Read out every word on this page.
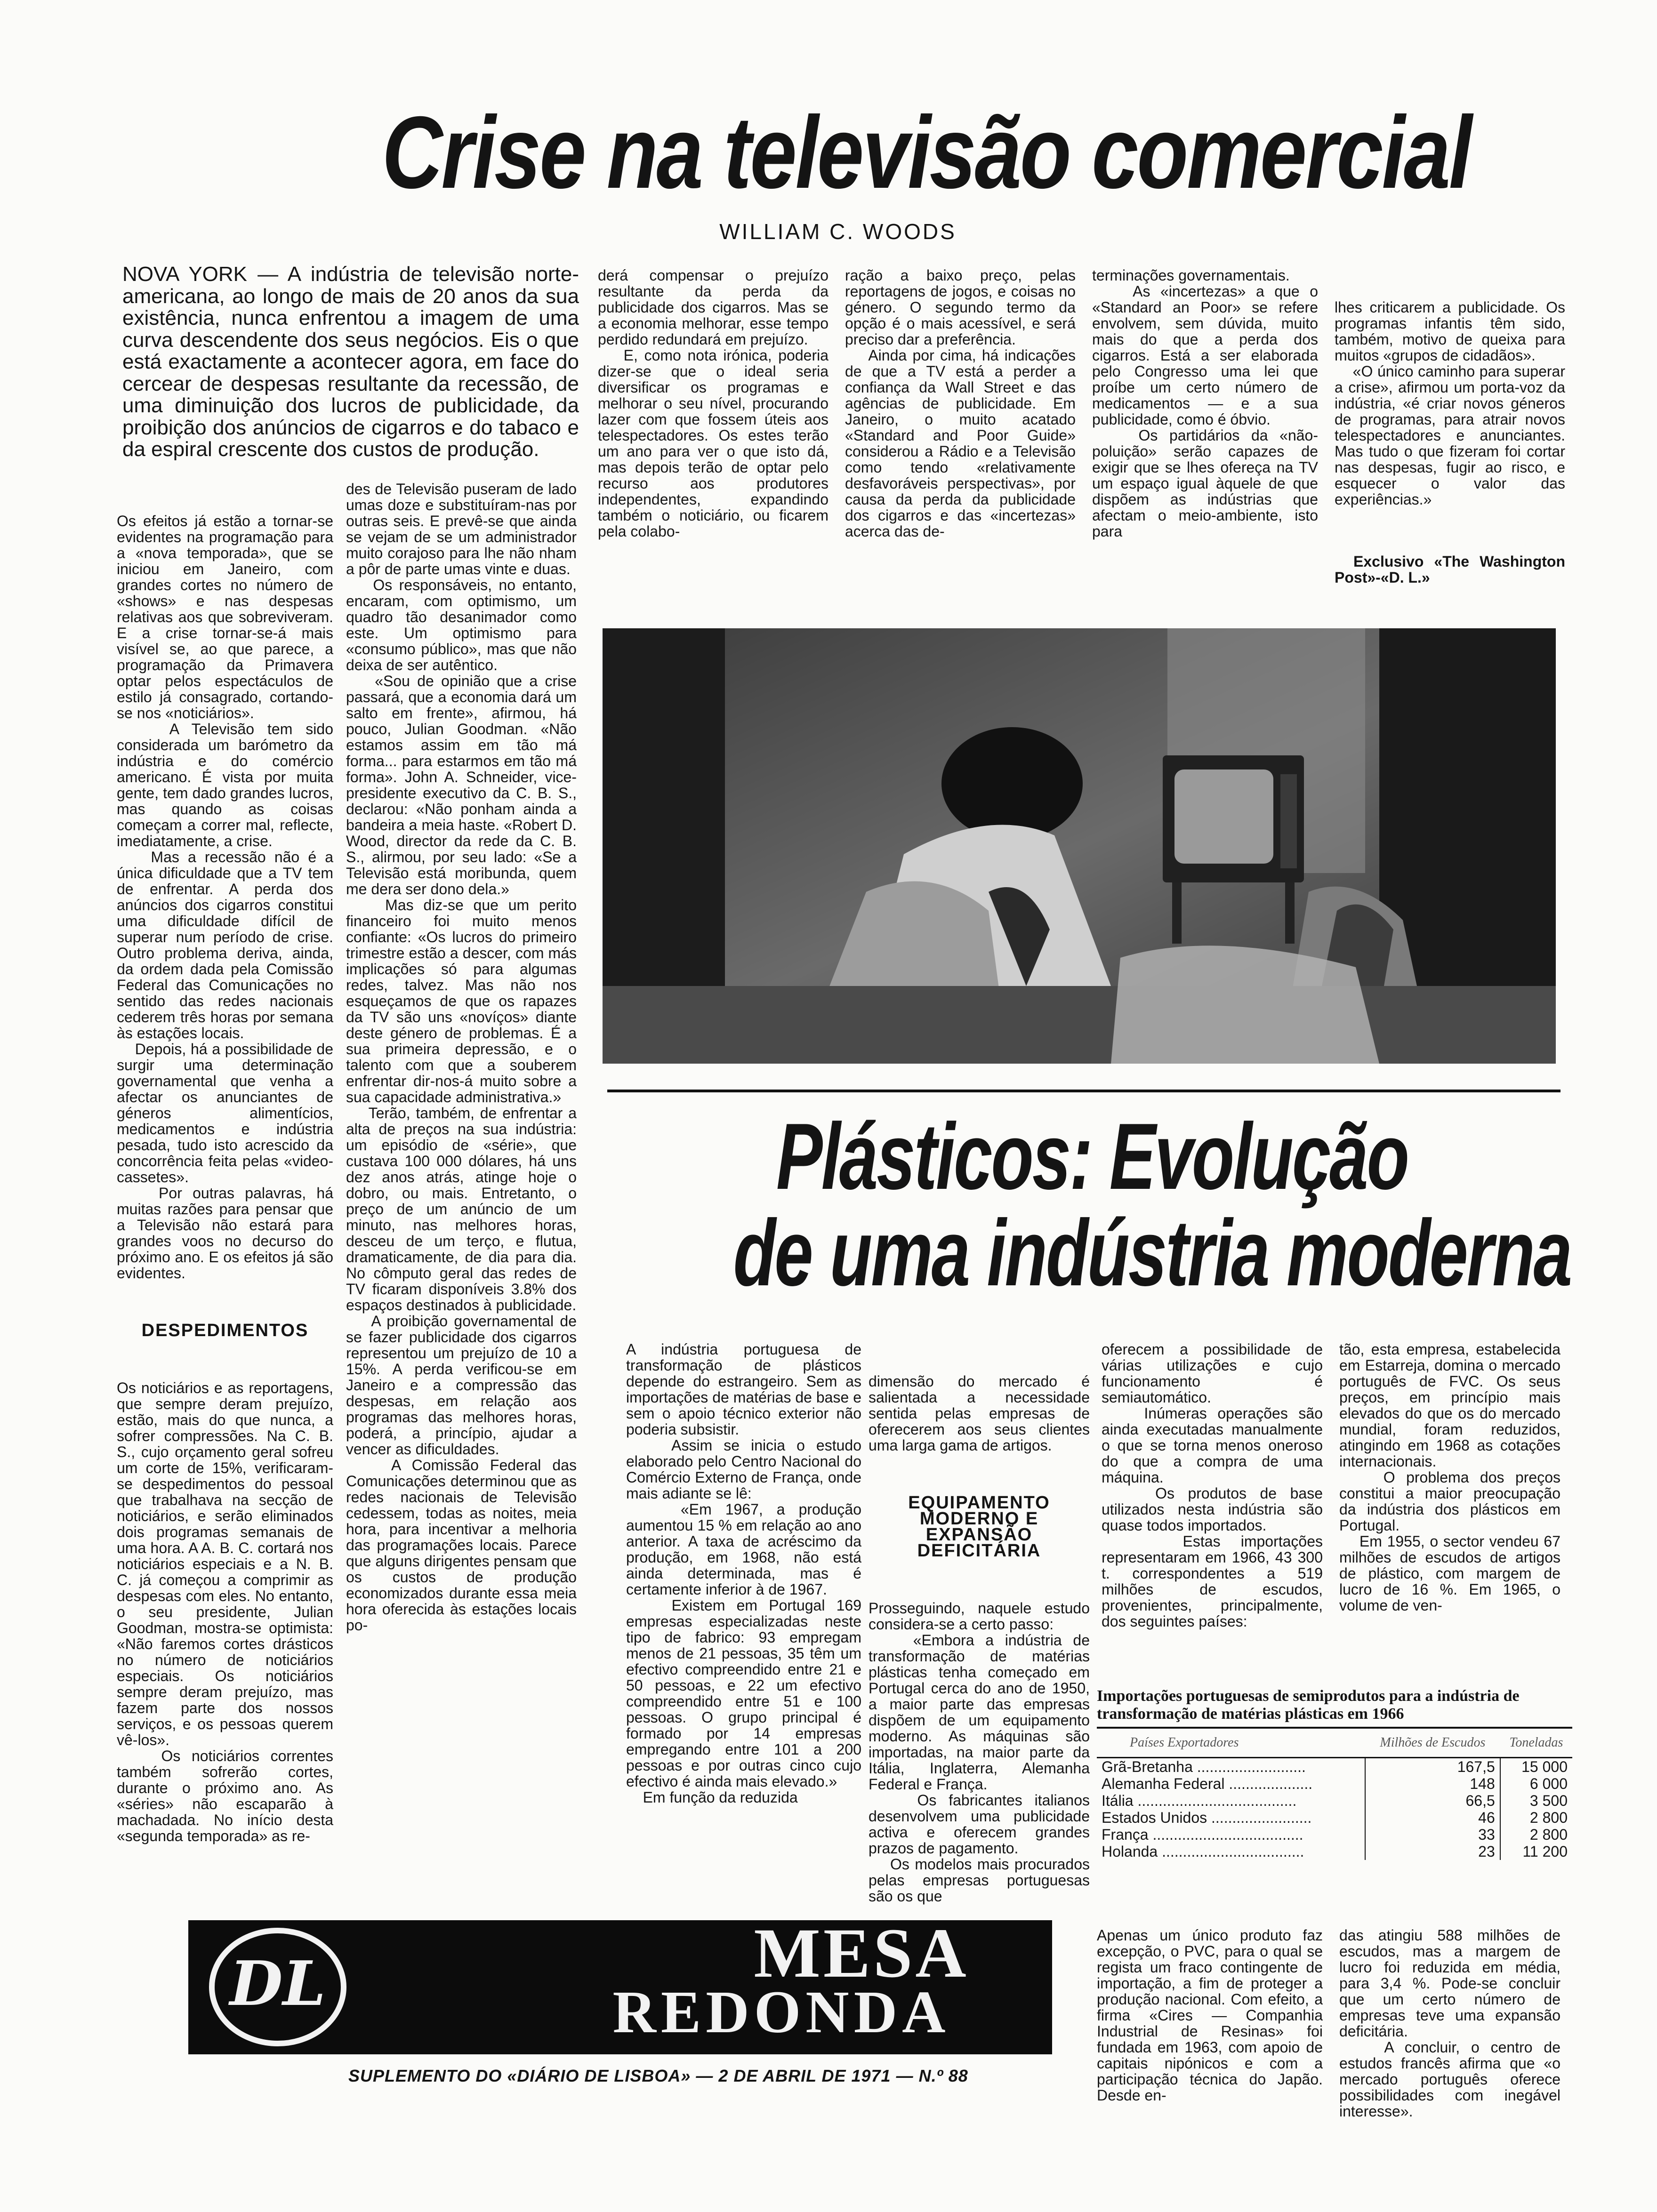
Crise na televisão comercial
WILLIAM C. WOODS
NOVA YORK — A indústria de televisão norte-americana, ao longo de mais de 20 anos da sua existência, nunca enfrentou a imagem de uma curva descendente dos seus negócios. Eis o que está exactamente a acontecer agora, em face do cercear de despesas resultante da recessão, de uma diminuição dos lucros de publicidade, da proibição dos anúncios de cigarros e do tabaco e da espiral crescente dos custos de produção.

Os efeitos já estão a tornar-se evidentes na programação para a «nova temporada», que se iniciou em Janeiro, com grandes cortes no número de «shows» e nas despesas relativas aos que sobreviveram. E a crise tornar-se-á mais visível se, ao que parece, a programação da Primavera optar pelos espectáculos de estilo já consagrado, cortando-se nos «noticiários».
A Televisão tem sido considerada um barómetro da indústria e do comércio americano. É vista por muita gente, tem dado grandes lucros, mas quando as coisas começam a correr mal, reflecte, imediatamente, a crise.
Mas a recessão não é a única dificuldade que a TV tem de enfrentar. A perda dos anúncios dos cigarros constitui uma dificuldade difícil de superar num período de crise. Outro problema deriva, ainda, da ordem dada pela Comissão Federal das Comunicações no sentido das redes nacionais cederem três horas por semana às estações locais.
Depois, há a possibilidade de surgir uma determinação governamental que venha a afectar os anunciantes de géneros alimentícios, medicamentos e indústria pesada, tudo isto acrescido da concorrência feita pelas «video-cassetes».
Por outras palavras, há muitas razões para pensar que a Televisão não estará para grandes voos no decurso do próximo ano. E os efeitos já são evidentes.

DESPEDIMENTOS

Os noticiários e as reportagens, que sempre deram prejuízo, estão, mais do que nunca, a sofrer compressões. Na C. B. S., cujo orçamento geral sofreu um corte de 15%, verificaram-se despedimentos do pessoal que trabalhava na secção de noticiários, e serão eliminados dois programas semanais de uma hora. A A. B. C. cortará nos noticiários especiais e a N. B. C. já começou a comprimir as despesas com eles. No entanto, o seu presidente, Julian Goodman, mostra-se optimista: «Não faremos cortes drásticos no número de noticiários especiais. Os noticiários sempre deram prejuízo, mas fazem parte dos nossos serviços, e os pessoas querem vê-los».
Os noticiários correntes também sofrerão cortes, durante o próximo ano. As «séries» não escaparão à machadada. No início desta «segunda temporada» as re-

des de Televisão puseram de lado umas doze e substituíram-nas por outras seis. E prevê-se que ainda se vejam de se um administrador muito corajoso para lhe não nham a pôr de parte umas vinte e duas.
Os responsáveis, no entanto, encaram, com optimismo, um quadro tão desanimador como este. Um optimismo para «consumo público», mas que não deixa de ser autêntico.
«Sou de opinião que a crise passará, que a economia dará um salto em frente», afirmou, há pouco, Julian Goodman. «Não estamos assim em tão má forma... para estarmos em tão má forma». John A. Schneider, vice-presidente executivo da C. B. S., declarou: «Não ponham ainda a bandeira a meia haste. «Robert D. Wood, director da rede da C. B. S., alirmou, por seu lado: «Se a Televisão está moribunda, quem me dera ser dono dela.»
Mas diz-se que um perito financeiro foi muito menos confiante: «Os lucros do primeiro trimestre estão a descer, com más implicações só para algumas redes, talvez. Mas não nos esqueçamos de que os rapazes da TV são uns «novíços» diante deste género de problemas. É a sua primeira depressão, e o talento com que a souberem enfrentar dir-nos-á muito sobre a sua capacidade administrativa.»
Terão, também, de enfrentar a alta de preços na sua indústria: um episódio de «série», que custava 100 000 dólares, há uns dez anos atrás, atinge hoje o dobro, ou mais. Entretanto, o preço de um anúncio de um minuto, nas melhores horas, desceu de um terço, e flutua, dramaticamente, de dia para dia. No cômputo geral das redes de TV ficaram disponíveis 3.8% dos espaços destinados à publicidade.
A proibição governamental de se fazer publicidade dos cigarros representou um prejuízo de 10 a 15%. A perda verificou-se em Janeiro e a compressão das despesas, em relação aos programas das melhores horas, poderá, a princípio, ajudar a vencer as dificuldades.
A Comissão Federal das Comunicações determinou que as redes nacionais de Televisão cedessem, todas as noites, meia hora, para incentivar a melhoria das programações locais. Parece que alguns dirigentes pensam que os custos de produção economizados durante essa meia hora oferecida às estações locais po-
derá compensar o prejuízo resultante da perda da publicidade dos cigarros. Mas se a economia melhorar, esse tempo perdido redundará em prejuízo.
E, como nota irónica, poderia dizer-se que o ideal seria diversificar os programas e melhorar o seu nível, procurando lazer com que fossem úteis aos telespectadores. Os estes terão um ano para ver o que isto dá, mas depois terão de optar pelo recurso aos produtores independentes, expandindo também o noticiário, ou ficarem pela colabo-
ração a baixo preço, pelas reportagens de jogos, e coisas no género. O segundo termo da opção é o mais acessível, e será preciso dar a preferência.
Ainda por cima, há indicações de que a TV está a perder a confiança da Wall Street e das agências de publicidade. Em Janeiro, o muito acatado «Standard and Poor Guide» considerou a Rádio e a Televisão como tendo «relativamente desfavoráveis perspectivas», por causa da perda da publicidade dos cigarros e das «incertezas» acerca das de-
terminações governamentais.
As «incertezas» a que o «Standard an Poor» se refere envolvem, sem dúvida, muito mais do que a perda dos cigarros. Está a ser elaborada pelo Congresso uma lei que proíbe um certo número de medicamentos — e a sua publicidade, como é óbvio.
Os partidários da «não-poluição» serão capazes de exigir que se lhes ofereça na TV um espaço igual àquele de que dispõem as indústrias que afectam o meio-ambiente, isto para

lhes criticarem a publicidade. Os programas infantis têm sido, também, motivo de queixa para muitos «grupos de cidadãos».
«O único caminho para superar a crise», afirmou um porta-voz da indústria, «é criar novos géneros de programas, para atrair novos telespectadores e anunciantes. Mas tudo o que fizeram foi cortar nas despesas, fugir ao risco, e esquecer o valor das experiências.»

Exclusivo «The Washington Post»-«D. L.»

Plásticos: Evolução
de uma indústria moderna
A indústria portuguesa de transformação de plásticos depende do estrangeiro. Sem as importações de matérias de base e sem o apoio técnico exterior não poderia subsistir.
Assim se inicia o estudo elaborado pelo Centro Nacional do Comércio Externo de França, onde mais adiante se lê:
«Em 1967, a produção aumentou 15 % em relação ao ano anterior. A taxa de acréscimo da produção, em 1968, não está ainda determinada, mas é certamente inferior à de 1967.
Existem em Portugal 169 empresas especializadas neste tipo de fabrico: 93 empregam menos de 21 pessoas, 35 têm um efectivo compreendido entre 21 e 50 pessoas, e 22 um efectivo compreendido entre 51 e 100 pessoas. O grupo principal é formado por 14 empresas empregando entre 101 a 200 pessoas e por outras cinco cujo efectivo é ainda mais elevado.»
Em função da reduzida

dimensão do mercado é salientada a necessidade sentida pelas empresas de oferecerem aos seus clientes uma larga gama de artigos.

EQUIPAMENTO MODERNO E EXPANSÃO DEFICITÁRIA

Prosseguindo, naquele estudo considera-se a certo passo:
«Embora a indústria de transformação de matérias plásticas tenha começado em Portugal cerca do ano de 1950, a maior parte das empresas dispõem de um equipamento moderno. As máquinas são importadas, na maior parte da Itália, Inglaterra, Alemanha Federal e França.
Os fabricantes italianos desenvolvem uma publicidade activa e oferecem grandes prazos de pagamento.
Os modelos mais procurados pelas empresas portuguesas são os que

oferecem a possibilidade de várias utilizações e cujo funcionamento é semiautomático.
Inúmeras operações são ainda executadas manualmente o que se torna menos oneroso do que a compra de uma máquina.
Os produtos de base utilizados nesta indústria são quase todos importados.
Estas importações representaram em 1966, 43 300 t. correspondentes a 519 milhões de escudos, provenientes, principalmente, dos seguintes países:
tão, esta empresa, estabelecida em Estarreja, domina o mercado português de FVC. Os seus preços, em princípio mais elevados do que os do mercado mundial, foram reduzidos, atingindo em 1968 as cotações internacionais.
O problema dos preços constitui a maior preocupação da indústria dos plásticos em Portugal.
Em 1955, o sector vendeu 67 milhões de escudos de artigos de plástico, com margem de lucro de 16 %. Em 1965, o volume de ven-
Importações portuguesas de semiprodutos para a indústria de transformação de matérias plásticas em 1966
Países Exportadores	Milhões de Escudos	Toneladas
Grã-Bretanha ..........................	167,5	15 000
Alemanha Federal ....................	148	6 000
Itália ......................................	66,5	3 500
Estados Unidos ........................	46	2 800
França ....................................	33	2 800
Holanda ..................................	23	11 200
Apenas um único produto faz excepção, o PVC, para o qual se regista um fraco contingente de importação, a fim de proteger a produção nacional. Com efeito, a firma «Cires — Companhia Industrial de Resinas» foi fundada em 1963, com apoio de capitais nipónicos e com a participação técnica do Japão. Desde en-
das atingiu 588 milhões de escudos, mas a margem de lucro foi reduzida em média, para 3,4 %. Pode-se concluir que um certo número de empresas teve uma expansão deficitária.
A concluir, o centro de estudos francês afirma que «o mercado português oferece possibilidades com inegável interesse».
DL	MESA
REDONDA
SUPLEMENTO DO «DIÁRIO DE LISBOA» — 2 DE ABRIL DE 1971 — N.º 88
